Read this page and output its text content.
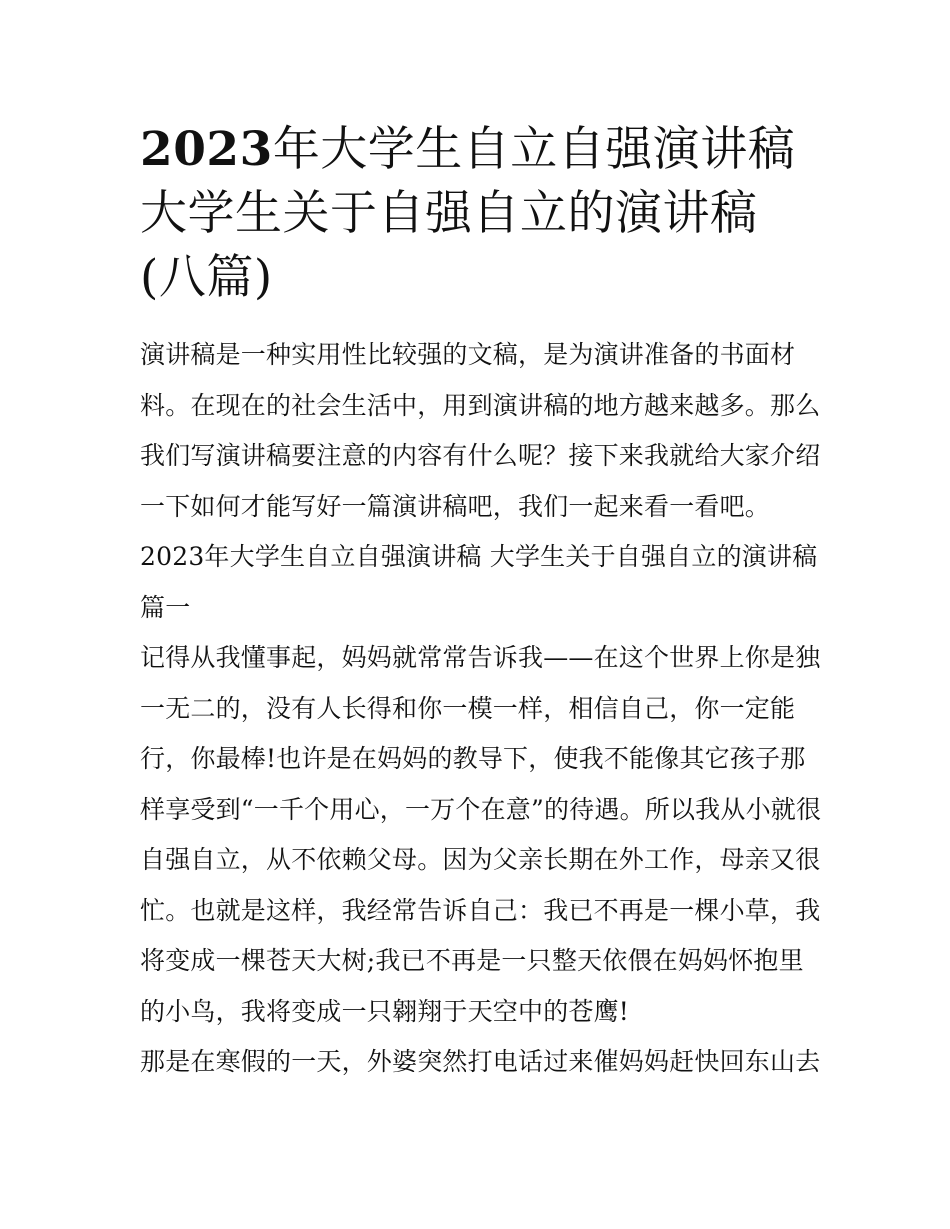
2023年大学生自立自强演讲稿
大学生关于自强自立的演讲稿
(八篇)

演讲稿是一种实用性比较强的文稿，是为演讲准备的书面材
料。在现在的社会生活中，用到演讲稿的地方越来越多。那么
我们写演讲稿要注意的内容有什么呢？接下来我就给大家介绍
一下如何才能写好一篇演讲稿吧，我们一起来看一看吧。

2023年大学生自立自强演讲稿 大学生关于自强自立的演讲稿
篇一

记得从我懂事起，妈妈就常常告诉我——在这个世界上你是独
一无二的，没有人长得和你一模一样，相信自己，你一定能
行，你最棒!也许是在妈妈的教导下，使我不能像其它孩子那
样享受到“一千个用心，一万个在意”的待遇。所以我从小就很
自强自立，从不依赖父母。因为父亲长期在外工作，母亲又很
忙。也就是这样，我经常告诉自己：我已不再是一棵小草，我
将变成一棵苍天大树;我已不再是一只整天依偎在妈妈怀抱里
的小鸟，我将变成一只翱翔于天空中的苍鹰!

那是在寒假的一天，外婆突然打电话过来催妈妈赶快回东山去
